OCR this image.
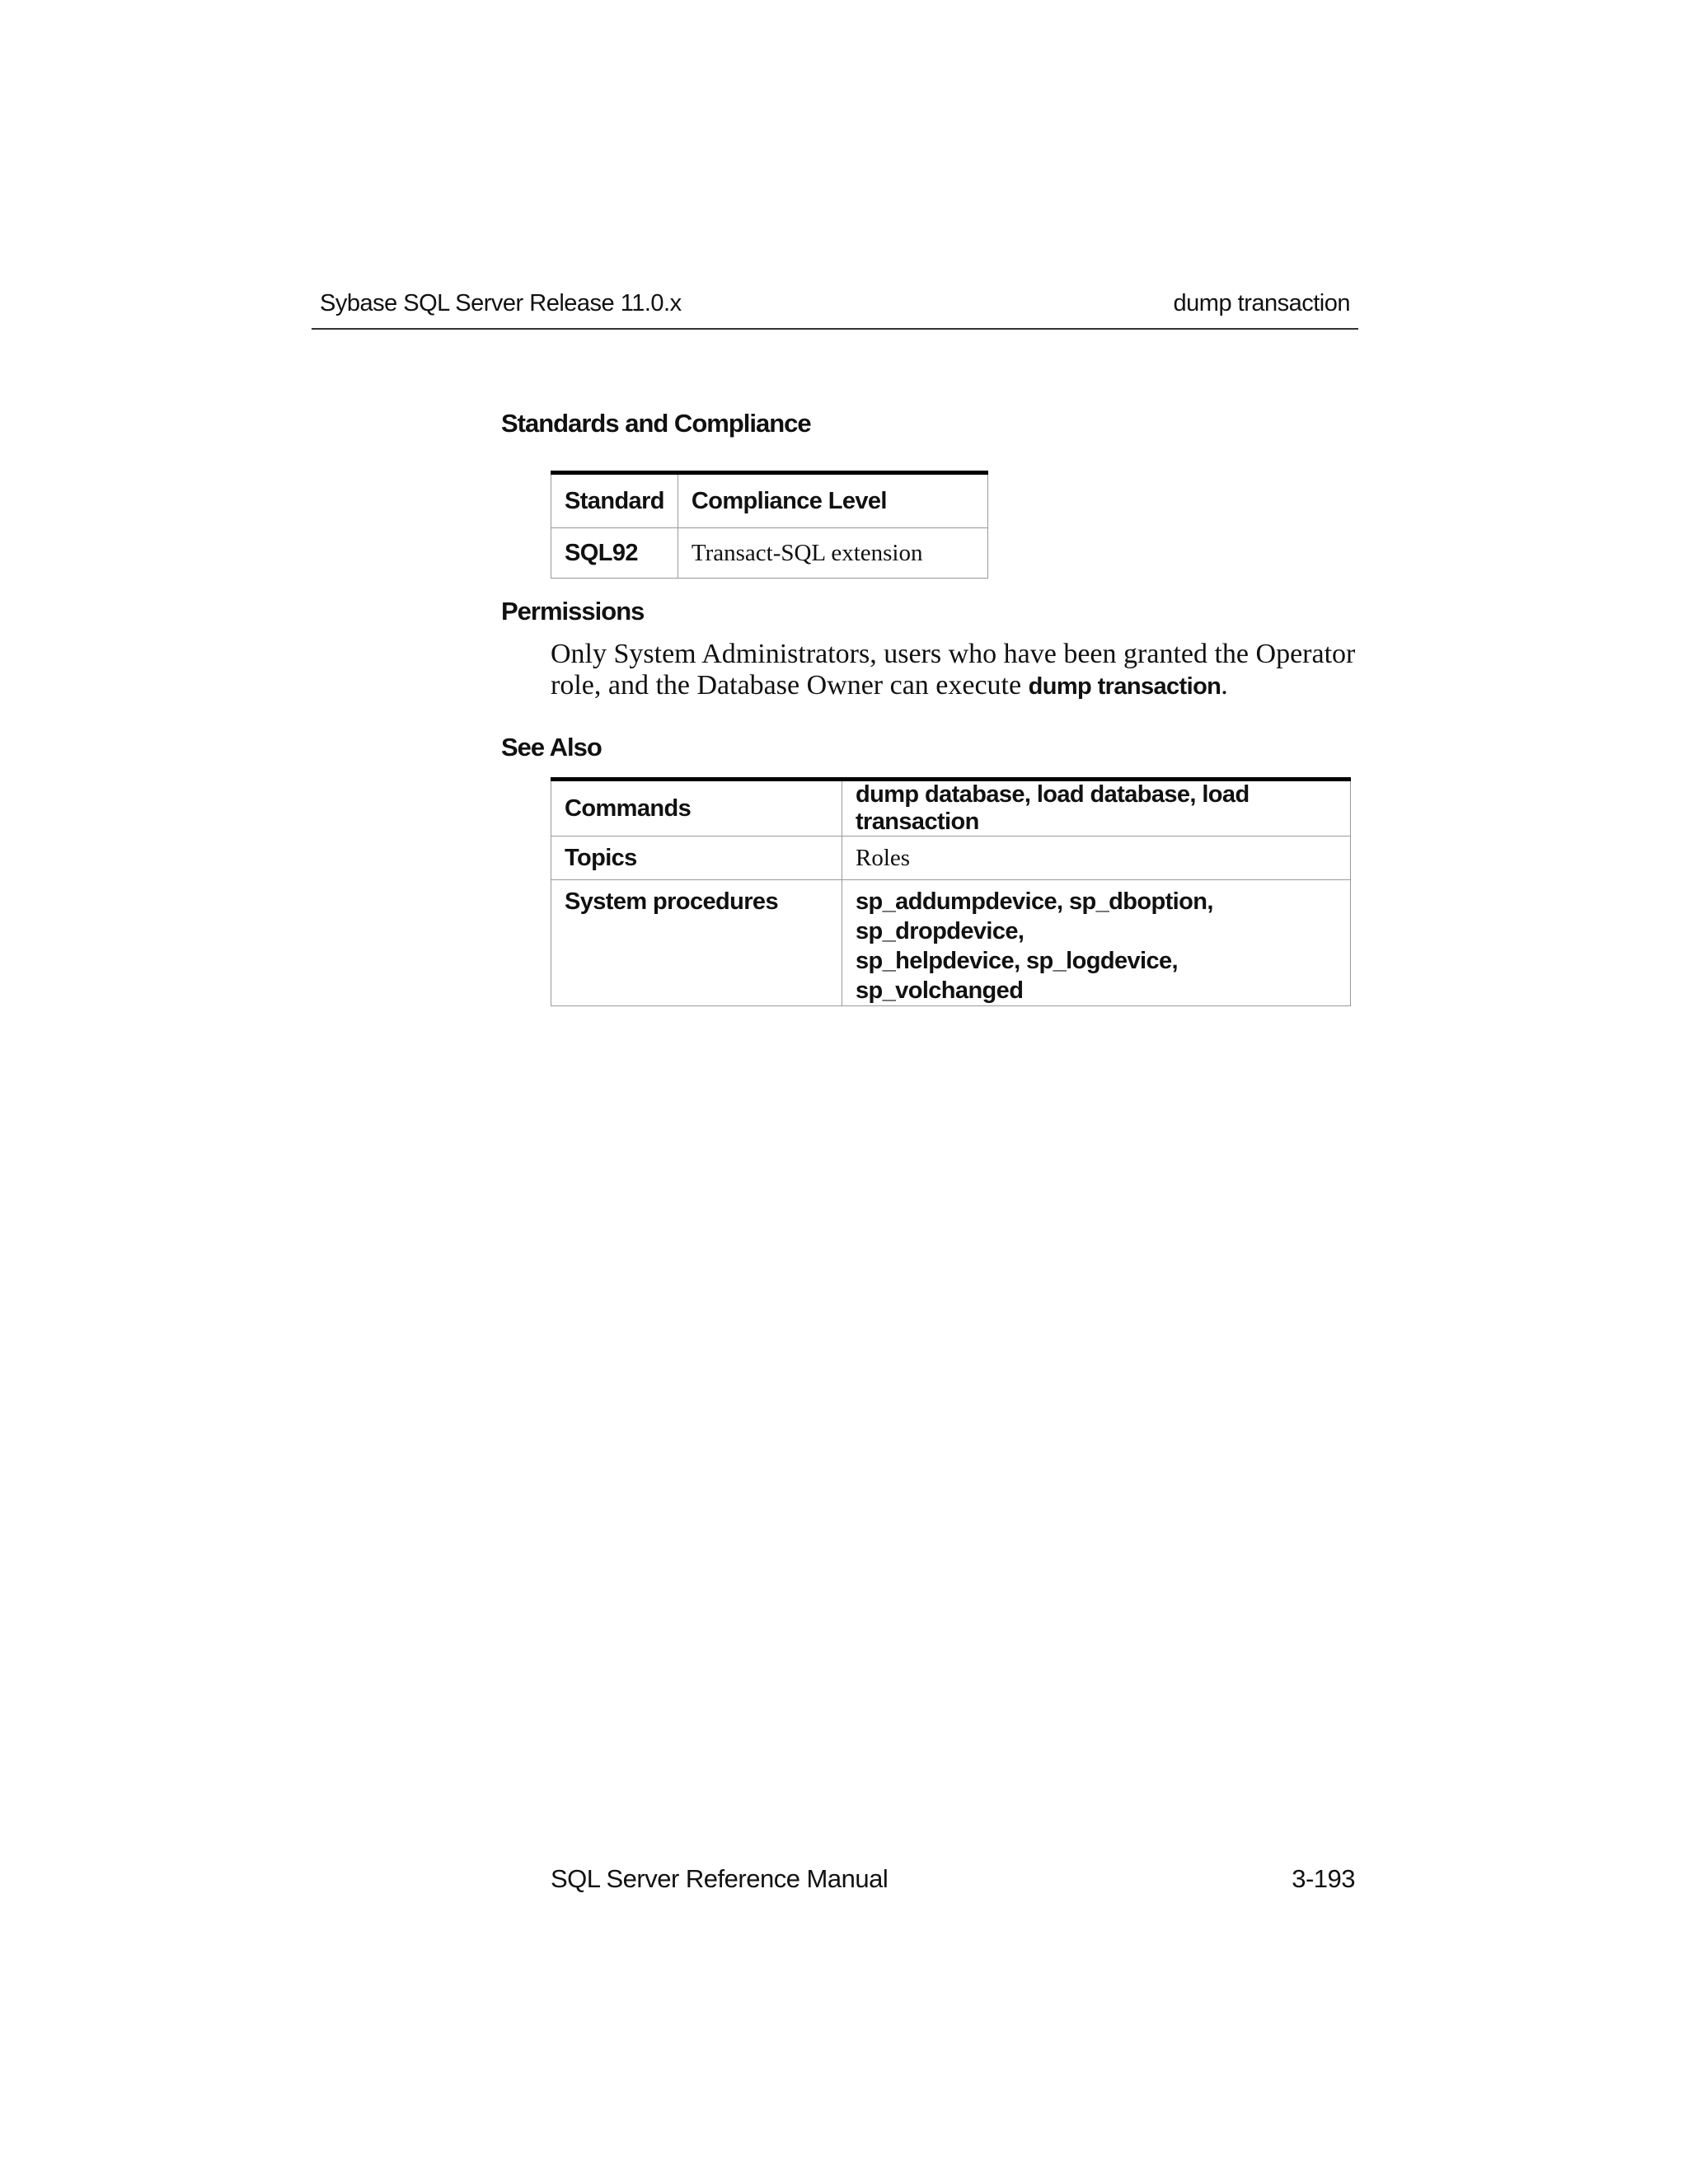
Sybase SQL Server Release 11.0.x	dump transaction
Standards and Compliance
Standard	Compliance Level
SQL92	Transact-SQL extension
Permissions
Only System Administrators, users who have been granted the Operator role, and the Database Owner can execute dump transaction.
See Also
Commands	dump database, load database, load transaction
Topics	Roles
System procedures	sp_addumpdevice, sp_dboption, sp_dropdevice,
sp_helpdevice, sp_logdevice, sp_volchanged
SQL Server Reference Manual	3-193
